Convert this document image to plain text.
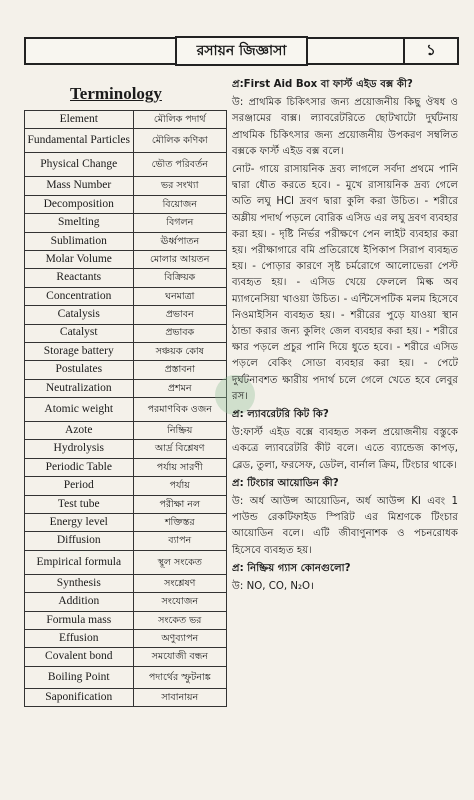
রসায়ন জিজ্ঞাসা	১
Terminology
Element	মৌলিক পদার্থ
Fundamental Particles	মৌলিক কণিকা
Physical Change	ভৌত পরিবর্তন
Mass Number	ভর সংখ্যা
Decomposition	বিয়োজন
Smelting	বিগলন
Sublimation	ঊর্ধ্বপাতন
Molar Volume	মোলার আয়তন
Reactants	বিক্রিয়ক
Concentration	ঘনমাত্রা
Catalysis	প্রভাবন
Catalyst	প্রভাবক
Storage battery	সঞ্চয়ক কোষ
Postulates	প্রস্তাবনা
Neutralization	প্রশমন
Atomic weight	পরমাণবিক ওজন
Azote	নিষ্ক্রিয়
Hydrolysis	আর্দ্র বিশ্লেষণ
Periodic Table	পর্যায় সারণী
Period	পর্যায়
Test tube	পরীক্ষা নল
Energy level	শক্তিস্তর
Diffusion	ব্যাপন
Empirical formula	স্থূল সংকেত
Synthesis	সংশ্লেষণ
Addition	সংযোজন
Formula mass	সংকেত ভর
Effusion	অণুব্যাপন
Covalent bond	সমযোজী বন্ধন
Boiling Point	পদার্থের স্ফুটনাঙ্ক
Saponification	সাবানায়ন

প্র:First Aid Box বা ফার্স্ট এইড বক্স কী?

উ: প্রাথমিক চিকিৎসার জন্য প্রয়োজনীয় কিছু ঔষধ ও সরঞ্জামের বাক্স। ল্যাবরেটরিতে ছোটখাটো দুর্ঘটনায় প্রাথমিক চিকিৎসার জন্য প্রয়োজনীয় উপকরণ সম্বলিত বক্সকে ফার্স্ট এইড বক্স বলে।

নোট- গায়ে রাসায়নিক দ্রব্য লাগলে সর্বদা প্রথমে পানি দ্বারা ধৌত করতে হবে। - মুখে রাসায়নিক দ্রব্য গেলে অতি লঘু HCl দ্রবণ দ্বারা কুলি করা উচিত। - শরীরে অম্লীয় পদার্থ পড়লে বোরিক এসিড এর লঘু দ্রবণ ব্যবহার করা হয়। - দৃষ্টি নির্ভর পরীক্ষণে পেন লাইট ব্যবহার করা হয়। পরীক্ষাগারে বমি প্রতিরোধে ইপিকাপ সিরাপ ব্যবহৃত হয়। - পোড়ার কারণে সৃষ্ট চর্মরোগে আলোভেরা পেস্ট ব্যবহৃত হয়। - এসিড খেয়ে ফেললে মিল্ক অব ম্যাগনেসিয়া খাওয়া উচিত। - এন্টিসেপটিক মলম হিসেবে নিওমাইসিন ব্যবহৃত হয়। - শরীরের পুড়ে যাওয়া স্থান ঠান্ডা করার জন্য কুলিং জেল ব্যবহার করা হয়। - শরীরে ক্ষার পড়লে প্রচুর পানি দিয়ে ধুতে হবে। - শরীরে এসিড পড়লে বেকিং সোডা ব্যবহার করা হয়। - পেটে দুর্ঘটনাবশত ক্ষারীয় পদার্থ চলে গেলে খেতে হবে লেবুর রস।

প্র: ল্যাবরেটরি কিট কি?

উ:ফার্স্ট এইড বক্সে ব্যবহৃত সকল প্রয়োজনীয় বস্তুকে একত্রে ল্যাবরেটরি কীট বলে। এতে ব্যান্ডেজ কাপড়, ব্লেড, তুলা, ফরসেফ, ডেটল, বার্নাল ক্রিম, টিংচার থাকে।

প্র: টিংচার আয়োডিন কী?

উ: অর্ধ আউন্স আয়োডিন, অর্ধ আউন্স KI এবং 1 পাউন্ড রেকটিফাইড স্পিরিট এর মিশ্রণকে টিংচার আয়োডিন বলে। এটি জীবাণুনাশক ও পচনরোধক হিসেবে ব্যবহৃত হয়।

প্র: নিষ্ক্রিয় গ্যাস কোনগুলো?

উ: NO, CO, N₂O।
